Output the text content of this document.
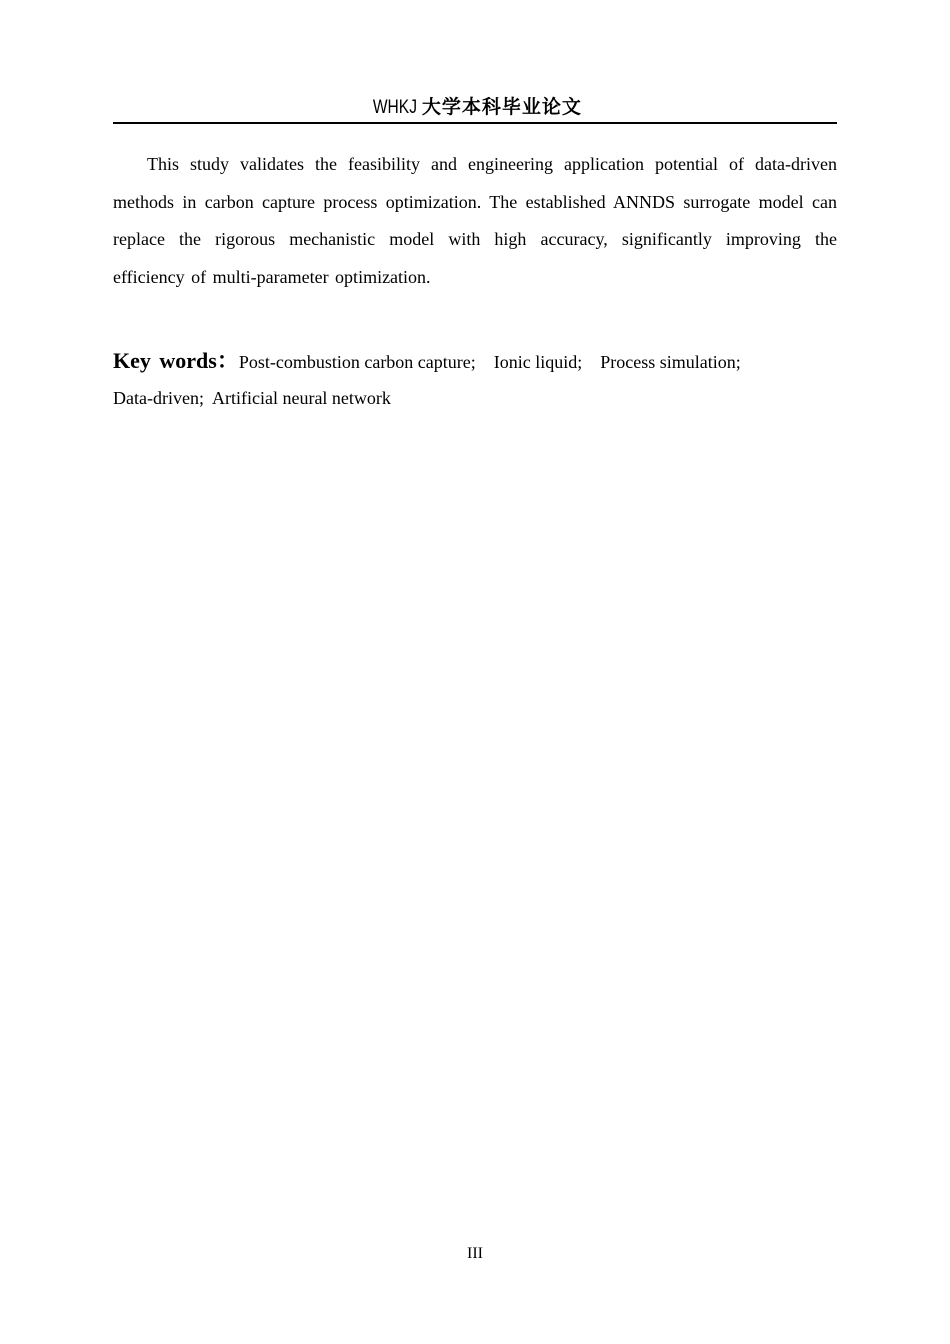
WHKJ 大学本科毕业论文

This study validates the feasibility and engineering application potential of data-driven methods in carbon capture process optimization. The established ANNDS surrogate model can replace the rigorous mechanistic model with high accuracy, significantly improving the efficiency of multi-parameter optimization.

Key words：Post-combustion carbon capture; Ionic liquid; Process simulation;
Data-driven; Artificial neural network

III
